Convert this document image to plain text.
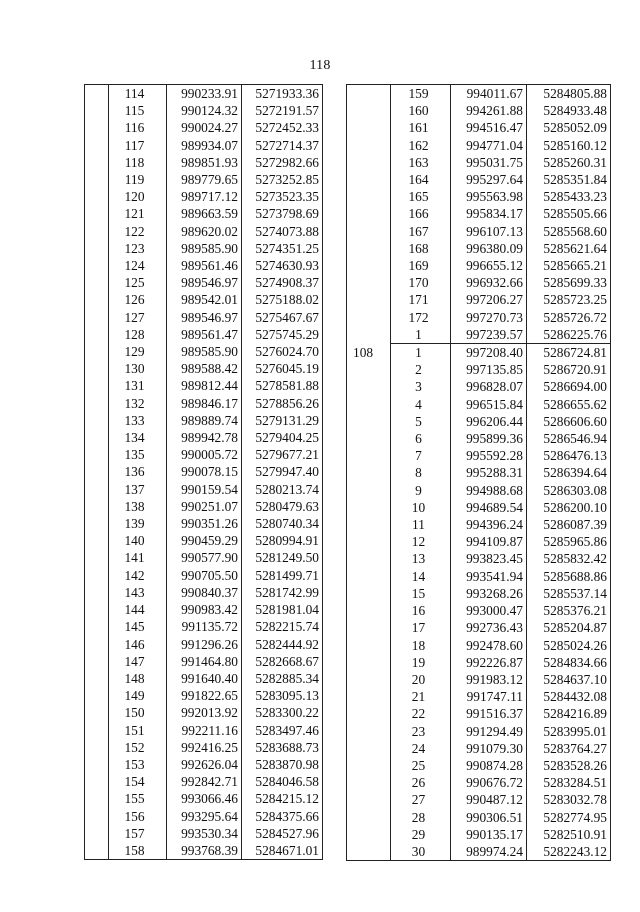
118
	114	990233.91	5271933.36
	115	990124.32	5272191.57
	116	990024.27	5272452.33
	117	989934.07	5272714.37
	118	989851.93	5272982.66
	119	989779.65	5273252.85
	120	989717.12	5273523.35
	121	989663.59	5273798.69
	122	989620.02	5274073.88
	123	989585.90	5274351.25
	124	989561.46	5274630.93
	125	989546.97	5274908.37
	126	989542.01	5275188.02
	127	989546.97	5275467.67
	128	989561.47	5275745.29
	129	989585.90	5276024.70
	130	989588.42	5276045.19
	131	989812.44	5278581.88
	132	989846.17	5278856.26
	133	989889.74	5279131.29
	134	989942.78	5279404.25
	135	990005.72	5279677.21
	136	990078.15	5279947.40
	137	990159.54	5280213.74
	138	990251.07	5280479.63
	139	990351.26	5280740.34
	140	990459.29	5280994.91
	141	990577.90	5281249.50
	142	990705.50	5281499.71
	143	990840.37	5281742.99
	144	990983.42	5281981.04
	145	991135.72	5282215.74
	146	991296.26	5282444.92
	147	991464.80	5282668.67
	148	991640.40	5282885.34
	149	991822.65	5283095.13
	150	992013.92	5283300.22
	151	992211.16	5283497.46
	152	992416.25	5283688.73
	153	992626.04	5283870.98
	154	992842.71	5284046.58
	155	993066.46	5284215.12
	156	993295.64	5284375.66
	157	993530.34	5284527.96
	158	993768.39	5284671.01
	159	994011.67	5284805.88
	160	994261.88	5284933.48
	161	994516.47	5285052.09
	162	994771.04	5285160.12
	163	995031.75	5285260.31
	164	995297.64	5285351.84
	165	995563.98	5285433.23
	166	995834.17	5285505.66
	167	996107.13	5285568.60
	168	996380.09	5285621.64
	169	996655.12	5285665.21
	170	996932.66	5285699.33
	171	997206.27	5285723.25
	172	997270.73	5285726.72
	1	997239.57	5286225.76
108	1	997208.40	5286724.81
	2	997135.85	5286720.91
	3	996828.07	5286694.00
	4	996515.84	5286655.62
	5	996206.44	5286606.60
	6	995899.36	5286546.94
	7	995592.28	5286476.13
	8	995288.31	5286394.64
	9	994988.68	5286303.08
	10	994689.54	5286200.10
	11	994396.24	5286087.39
	12	994109.87	5285965.86
	13	993823.45	5285832.42
	14	993541.94	5285688.86
	15	993268.26	5285537.14
	16	993000.47	5285376.21
	17	992736.43	5285204.87
	18	992478.60	5285024.26
	19	992226.87	5284834.66
	20	991983.12	5284637.10
	21	991747.11	5284432.08
	22	991516.37	5284216.89
	23	991294.49	5283995.01
	24	991079.30	5283764.27
	25	990874.28	5283528.26
	26	990676.72	5283284.51
	27	990487.12	5283032.78
	28	990306.51	5282774.95
	29	990135.17	5282510.91
	30	989974.24	5282243.12
